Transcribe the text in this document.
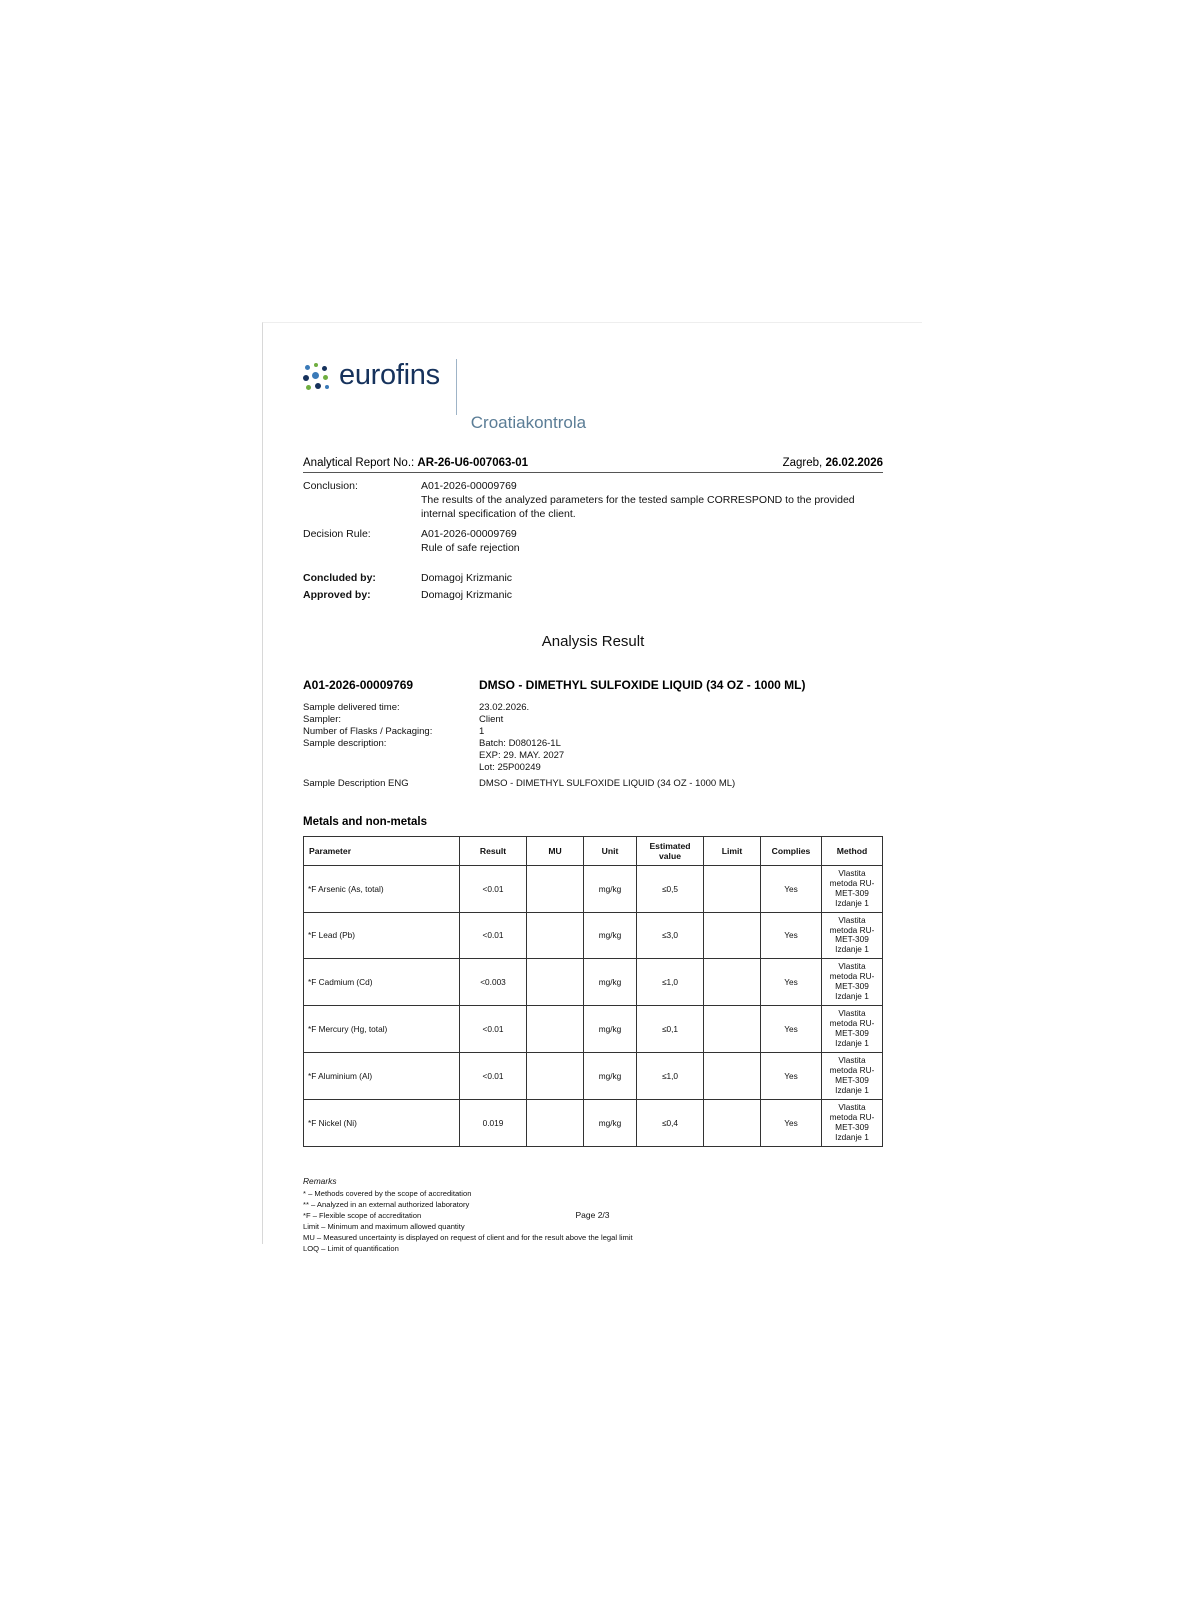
eurofins
Croatiakontrola
Analytical Report No.: AR-26-U6-007063-01	Zagreb, 26.02.2026
Conclusion:	A01-2026-00009769
The results of the analyzed parameters for the tested sample CORRESPOND to the provided internal specification of the client.
Decision Rule:	A01-2026-00009769
Rule of safe rejection
Concluded by:	Domagoj Krizmanic
Approved by:	Domagoj Krizmanic
Analysis Result
A01-2026-00009769	DMSO - DIMETHYL SULFOXIDE LIQUID (34 OZ - 1000 ML)
Sample delivered time:	23.02.2026.
Sampler:	Client
Number of Flasks / Packaging:	1
Sample description:	Batch: D080126-1L
EXP: 29. MAY. 2027
Lot: 25P00249
Sample Description ENG	DMSO - DIMETHYL SULFOXIDE LIQUID (34 OZ - 1000 ML)
Metals and non-metals
Parameter	Result	MU	Unit	Estimated value	Limit	Complies	Method
*F Arsenic (As, total)	<0.01		mg/kg	≤0,5		Yes	Vlastita metoda RU-MET-309 Izdanje 1
*F Lead (Pb)	<0.01		mg/kg	≤3,0		Yes	Vlastita metoda RU-MET-309 Izdanje 1
*F Cadmium (Cd)	<0.003		mg/kg	≤1,0		Yes	Vlastita metoda RU-MET-309 Izdanje 1
*F Mercury (Hg, total)	<0.01		mg/kg	≤0,1		Yes	Vlastita metoda RU-MET-309 Izdanje 1
*F Aluminium (Al)	<0.01		mg/kg	≤1,0		Yes	Vlastita metoda RU-MET-309 Izdanje 1
*F Nickel (Ni)	0.019		mg/kg	≤0,4		Yes	Vlastita metoda RU-MET-309 Izdanje 1
Remarks
* – Methods covered by the scope of accreditation
** – Analyzed in an external authorized laboratory
*F – Flexible scope of accreditation
Limit – Minimum and maximum allowed quantity
MU – Measured uncertainty is displayed on request of client and for the result above the legal limit
LOQ – Limit of quantification
Page 2/3
